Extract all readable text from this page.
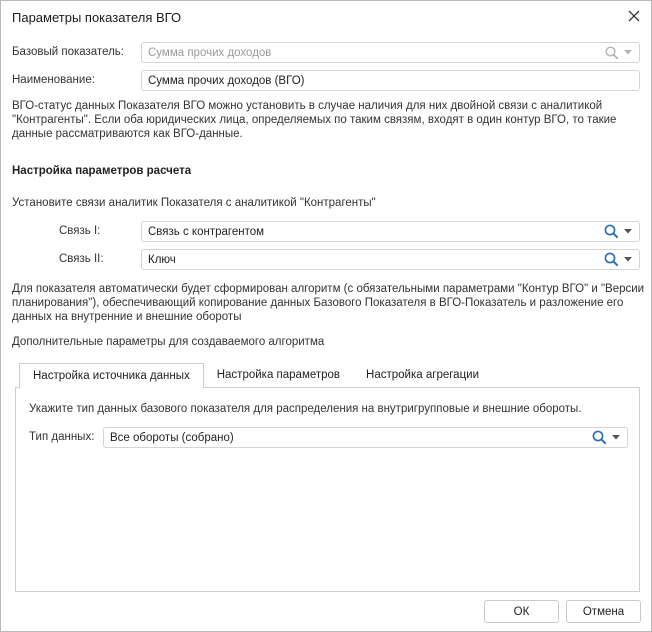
Параметры показателя ВГО
Базовый показатель: Сумма прочих доходов
Наименование:	Сумма прочих доходов (ВГО)
ВГО-статус данных Показателя ВГО можно установить в случае наличия для них двойной связи с аналитикой
"Контрагенты". Если оба юридических лица, определяемых по таким связям, входят в один контур ВГО, то такие
данные рассматриваются как ВГО-данные.
Настройка параметров расчета
Установите связи аналитик Показателя с аналитикой "Контрагенты"
Связь I:	Связь с контрагентом
Связь II:	Ключ
Для показателя автоматически будет сформирован алгоритм (с обязательными параметрами "Контур ВГО" и "Версии
планирования"), обеспечивающий копирование данных Базового Показателя в ВГО-Показатель и разложение его
данных на внутренние и внешние обороты
Дополнительные параметры для создаваемого алгоритма
Настройка источника данных	Настройка параметров	Настройка агрегации
Укажите тип данных базового показателя для распределения на внутригрупповые и внешние обороты.
Тип данных: Все обороты (собрано)
ОК	Отмена
